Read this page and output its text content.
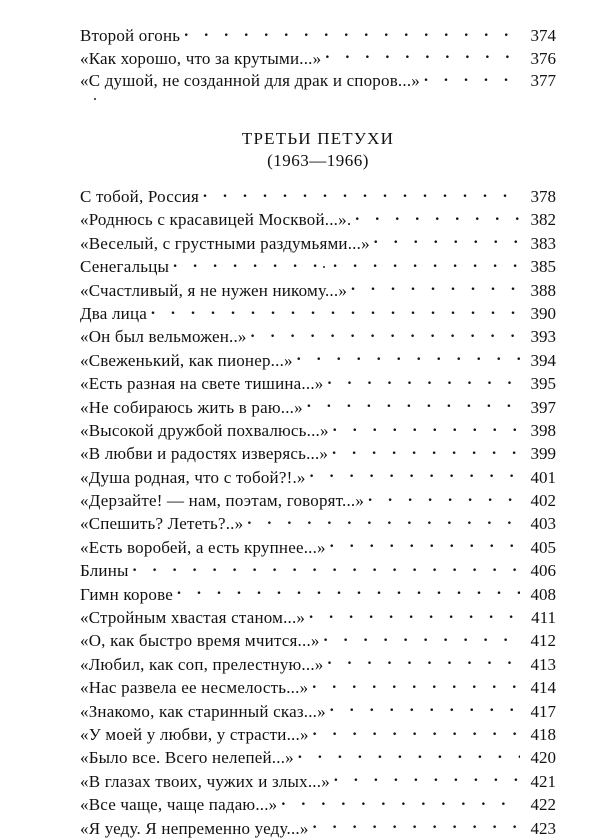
Второй огонь . . .	374
«Как хорошо, что за крутыми...» . . .	376
«С душой, не созданной для драк и споров...» . . .	377
ТРЕТЬИ ПЕТУХИ
(1963—1966)
С тобой, Россия . . .	378
«Роднюсь с красавицей Москвой...». . . .	382
«Веселый, с грустными раздумьями...» . . .	383
Сенегальцы . . .	385
«Счастливый, я не нужен никому...» . . .	388
Два лица . . .	390
«Он был вельможен..» . . .	393
«Свеженький, как пионер...» . . .	394
«Есть разная на свете тишина...» . . .	395
«Не собираюсь жить в раю...» . . .	397
«Высокой дружбой похвалюсь...» . . .	398
«В любви и радостях изверясь...» . . .	399
«Душа родная, что с тобой?!.» . . .	401
«Дерзайте! — нам, поэтам, говорят...» . . .	402
«Спешить? Лететь?..» . . .	403
«Есть воробей, а есть крупнее...» . . .	405
Блины . . .	406
Гимн корове . . .	408
«Стройным хвастая станом...» . . .	411
«О, как быстро время мчится...» . . .	412
«Любил, как соп, прелестную...» . . .	413
«Нас развела ее несмелость...» . . .	414
«Знакомо, как старинный сказ...» . . .	417
«У моей у любви, у страсти...» . . .	418
«Было все. Всего нелепей...» . . .	420
«В глазах твоих, чужих и злых...» . . .	421
«Все чаще, чаще падаю...» . . .	422
«Я уеду. Я непременно уеду...» . . .	423
